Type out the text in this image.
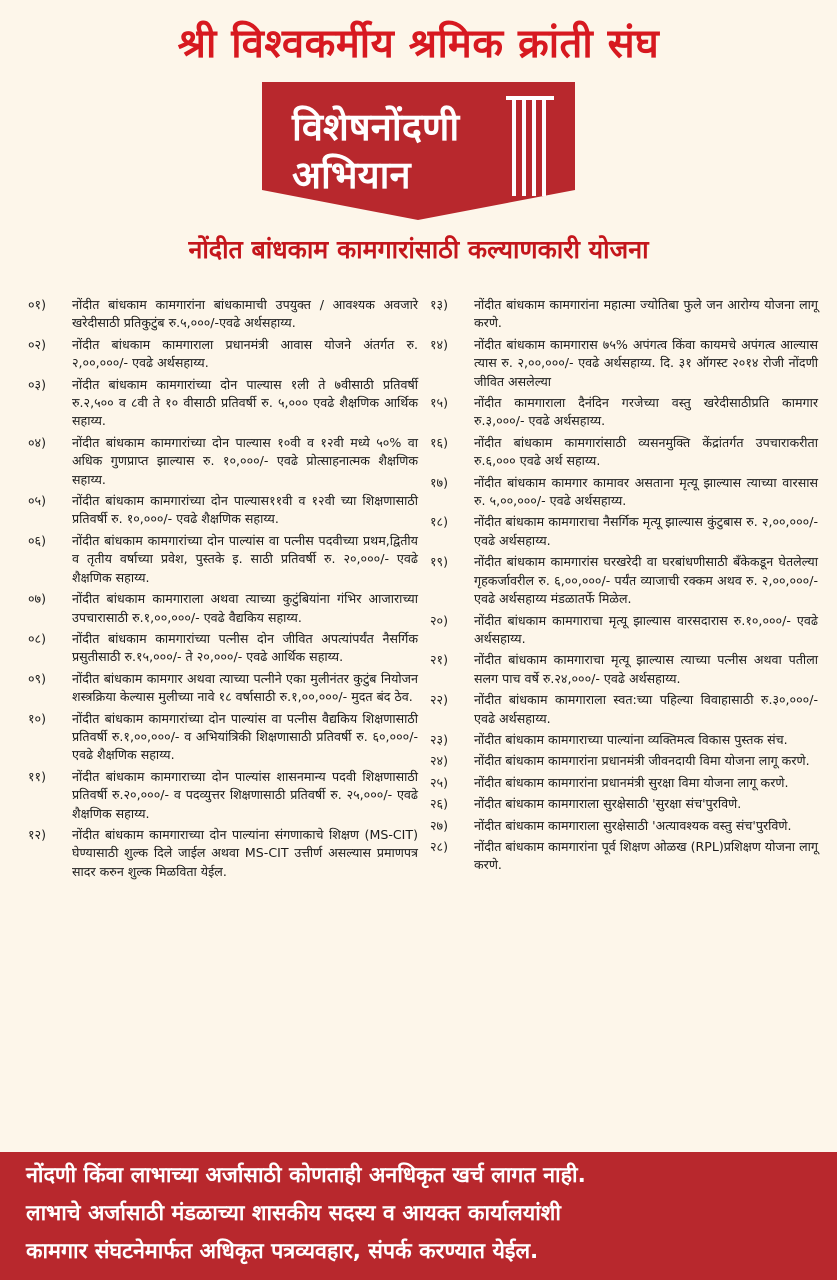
श्री विश्वकर्मीय श्रमिक क्रांती संघ
विशेषनोंदणी
अभियान
नोंदीत बांधकाम कामगारांसाठी कल्याणकारी योजना
०१)	नोंदीत बांधकाम कामगारांना बांधकामाची उपयुक्त / आवश्यक अवजारे खरेदीसाठी प्रतिकुटुंब रु.५,०००/-एवढे अर्थसहाय्य.
०२)	नोंदीत बांधकाम कामगाराला प्रधानमंत्री आवास योजने अंतर्गत रु. २,००,०००/- एवढे अर्थसहाय्य.
०३)	नोंदीत बांधकाम कामगारांच्या दोन पाल्यास १ली ते ७वीसाठी प्रतिवर्षी रु.२,५०० व ८वी ते १० वीसाठी प्रतिवर्षी रु. ५,००० एवढे शैक्षणिक आर्थिक सहाय्य.
०४)	नोंदीत बांधकाम कामगारांच्या दोन पाल्यास १०वी व १२वी मध्ये ५०% वा अधिक गुणप्राप्त झाल्यास रु. १०,०००/- एवढे प्रोत्साहनात्मक शैक्षणिक सहाय्य.
०५)	नोंदीत बांधकाम कामगारांच्या दोन पाल्यास११वी व १२वी च्या शिक्षणासाठी प्रतिवर्षी रु. १०,०००/- एवढे शैक्षणिक सहाय्य.
०६)	नोंदीत बांधकाम कामगारांच्या दोन पाल्यांस वा पत्नीस पदवीच्या प्रथम,द्वितीय व तृतीय वर्षाच्या प्रवेश, पुस्तके इ. साठी प्रतिवर्षी रु. २०,०००/- एवढे शैक्षणिक सहाय्य.
०७)	नोंदीत बांधकाम कामगाराला अथवा त्याच्या कुटुंबियांना गंभिर आजाराच्या उपचारासाठी रु.१,००,०००/- एवढे वैद्यकिय सहाय्य.
०८)	नोंदीत बांधकाम कामगारांच्या पत्नीस दोन जीवित अपत्यांपर्यंत नैसर्गिक प्रसुतीसाठी रु.१५,०००/- ते २०,०००/- एवढे आर्थिक सहाय्य.
०९)	नोंदीत बांधकाम कामगार अथवा त्याच्या पत्नीने एका मुलीनंतर कुटुंब नियोजन शस्त्रक्रिया केल्यास मुलीच्या नावे १८ वर्षासाठी रु.१,००,०००/- मुदत बंद ठेव.
१०)	नोंदीत बांधकाम कामगारांच्या दोन पाल्यांस वा पत्नीस वैद्यकिय शिक्षणासाठी प्रतिवर्षी रु.१,००,०००/- व अभियांत्रिकी शिक्षणासाठी प्रतिवर्षी रु. ६०,०००/- एवढे शैक्षणिक सहाय्य.
११)	नोंदीत बांधकाम कामगाराच्या दोन पाल्यांस शासनमान्य पदवी शिक्षणासाठी प्रतिवर्षी रु.२०,०००/- व पदव्युत्तर शिक्षणासाठी प्रतिवर्षी रु. २५,०००/- एवढे शैक्षणिक सहाय्य.
१२)	नोंदीत बांधकाम कामगाराच्या दोन पाल्यांना संगणाकाचे शिक्षण (MS-CIT) घेण्यासाठी शुल्क दिले जाईल अथवा MS-CIT उत्तीर्ण असल्यास प्रमाणपत्र सादर करुन शुल्क मिळविता येईल.
१३)	नोंदीत बांधकाम कामगारांना महात्मा ज्योतिबा फुले जन आरोग्य योजना लागू करणे.
१४)	नोंदीत बांधकाम कामगारास ७५% अपंगत्व किंवा कायमचे अपंगत्व आल्यास त्यास रु. २,००,०००/- एवढे अर्थसहाय्य. दि. ३१ ऑगस्ट २०१४ रोजी नोंदणी जीवित असलेल्या
१५)	नोंदीत कामगाराला दैनंदिन गरजेच्या वस्तु खरेदीसाठीप्रति कामगार रु.३,०००/- एवढे अर्थसहाय्य.
१६)	नोंदीत बांधकाम कामगारांसाठी व्यसनमुक्ति केंद्रांतर्गत उपचाराकरीता रु.६,००० एवढे अर्थ सहाय्य.
१७)	नोंदीत बांधकाम कामगार कामावर असताना मृत्यू झाल्यास त्याच्या वारसास रु. ५,००,०००/- एवढे अर्थसहाय्य.
१८)	नोंदीत बांधकाम कामगाराचा नैसर्गिक मृत्यू झाल्यास कुंटुबास रु. २,००,०००/- एवढे अर्थसहाय्य.
१९)	नोंदीत बांधकाम कामगारांस घरखरेदी वा घरबांधणीसाठी बँकेकडून घेतलेल्या गृहकर्जावरील रु. ६,००,०००/- पर्यंत व्याजाची रक्कम अथव रु. २,००,०००/-एवढे अर्थसहाय्य मंडळातर्फे मिळेल.
२०)	नोंदीत बांधकाम कामगाराचा मृत्यू झाल्यास वारसदारास रु.१०,०००/- एवढे अर्थसहाय्य.
२१)	नोंदीत बांधकाम कामगाराचा मृत्यू झाल्यास त्याच्या पत्नीस अथवा पतीला सलग पाच वर्षे रु.२४,०००/- एवढे अर्थसहाय्य.
२२)	नोंदीत बांधकाम कामगाराला स्वत:च्या पहिल्या विवाहासाठी रु.३०,०००/- एवढे अर्थसहाय्य.
२३)	नोंदीत बांधकाम कामगाराच्या पाल्यांना व्यक्तिमत्व विकास पुस्तक संच.
२४)	नोंदीत बांधकाम कामगारांना प्रधानमंत्री जीवनदायी विमा योजना लागू करणे.
२५)	नोंदीत बांधकाम कामगारांना प्रधानमंत्री सुरक्षा विमा योजना लागू करणे.
२६)	नोंदीत बांधकाम कामगाराला सुरक्षेसाठी 'सुरक्षा संच'पुरविणे.
२७)	नोंदीत बांधकाम कामगाराला सुरक्षेसाठी 'अत्यावश्यक वस्तु संच'पुरविणे.
२८)	नोंदीत बांधकाम कामगारांना पूर्व शिक्षण ओळख (RPL)प्रशिक्षण योजना लागू करणे.
नोंदणी किंवा लाभाच्या अर्जासाठी कोणताही अनधिकृत खर्च लागत नाही.
लाभाचे अर्जासाठी मंडळाच्या शासकीय सदस्य व आयक्त कार्यालयांशी
कामगार संघटनेमार्फत अधिकृत पत्रव्यवहार, संपर्क करण्यात येईल.
